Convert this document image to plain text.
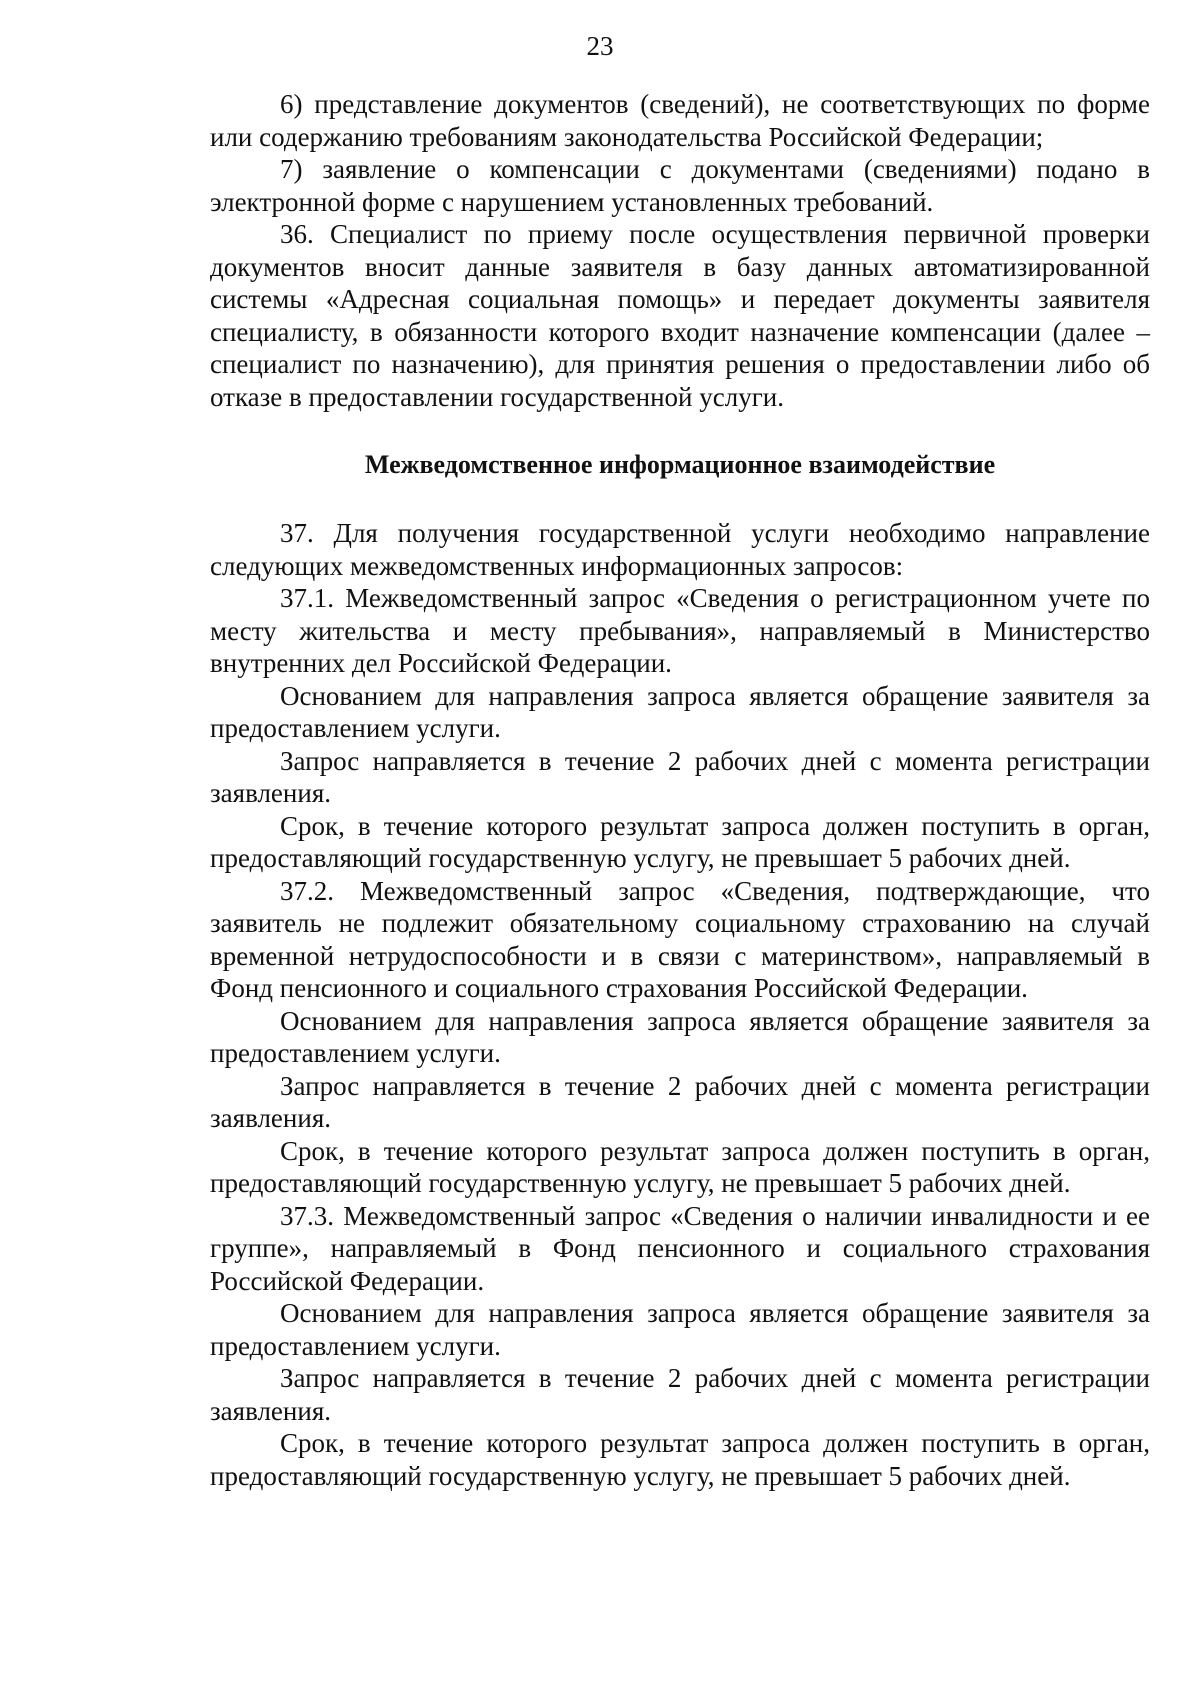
23

6) представление документов (сведений), не соответствующих по форме или содержанию требованиям законодательства Российской Федерации;

7) заявление о компенсации с документами (сведениями) подано в электронной форме с нарушением установленных требований.

36. Специалист по приему после осуществления первичной проверки документов вносит данные заявителя в базу данных автоматизированной системы «Адресная социальная помощь» и передает документы заявителя специалисту, в обязанности которого входит назначение компенсации (далее – специалист по назначению), для принятия решения о предоставлении либо об отказе в предоставлении государственной услуги.

Межведомственное информационное взаимодействие

37. Для получения государственной услуги необходимо направление следующих межведомственных информационных запросов:

37.1. Межведомственный запрос «Сведения о регистрационном учете по месту жительства и месту пребывания», направляемый в Министерство внутренних дел Российской Федерации.

Основанием для направления запроса является обращение заявителя за предоставлением услуги.

Запрос направляется в течение 2 рабочих дней с момента регистрации заявления.

Срок, в течение которого результат запроса должен поступить в орган, предоставляющий государственную услугу, не превышает 5 рабочих дней.

37.2. Межведомственный запрос «Сведения, подтверждающие, что заявитель не подлежит обязательному социальному страхованию на случай временной нетрудоспособности и в связи с материнством», направляемый в Фонд пенсионного и социального страхования Российской Федерации.

Основанием для направления запроса является обращение заявителя за предоставлением услуги.

Запрос направляется в течение 2 рабочих дней с момента регистрации заявления.

Срок, в течение которого результат запроса должен поступить в орган, предоставляющий государственную услугу, не превышает 5 рабочих дней.

37.3. Межведомственный запрос «Сведения о наличии инвалидности и ее группе», направляемый в Фонд пенсионного и социального страхования Российской Федерации.

Основанием для направления запроса является обращение заявителя за предоставлением услуги.

Запрос направляется в течение 2 рабочих дней с момента регистрации заявления.

Срок, в течение которого результат запроса должен поступить в орган, предоставляющий государственную услугу, не превышает 5 рабочих дней.
